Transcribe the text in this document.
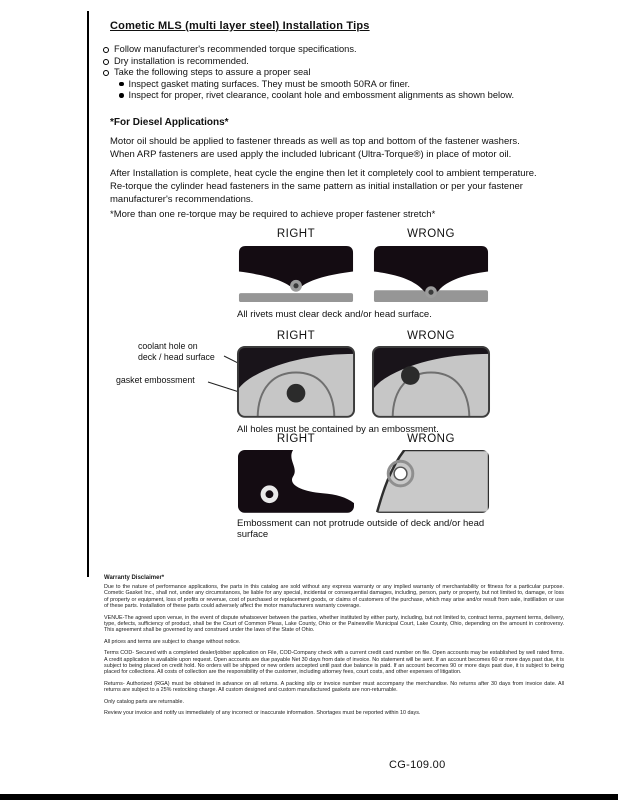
Cometic MLS (multi layer steel) Installation Tips
Follow manufacturer's recommended torque specifications.
Dry installation is recommended.
Take the following steps to assure a proper seal
Inspect gasket mating surfaces. They must be smooth 50RA or finer.
Inspect for proper, rivet clearance, coolant hole and embossment alignments as shown below.
*For Diesel Applications*
Motor oil should be applied to fastener threads as well as top and bottom of the fastener washers. When ARP fasteners are used apply the included lubricant (Ultra-Torque®) in place of motor oil.
After Installation is complete, heat cycle the engine then let it completely cool to ambient temperature. Re-torque the cylinder head fasteners in the same pattern as initial installation or per your fastener manufacturer's recommendations.
*More than one re-torque may be required to achieve proper fastener stretch*
RIGHT	WRONG
All rivets must clear deck and/or head surface.
coolant hole on
deck / head surface
gasket embossment
RIGHT	WRONG
All holes must be contained by an embossment.
RIGHT	WRONG
Embossment can not protrude outside of deck and/or head surface
Warranty Disclaimer*

Due to the nature of performance applications, the parts in this catalog are sold without any express warranty or any implied warranty of merchantability or fitness for a particular purpose. Cometic Gasket Inc., shall not, under any circumstances, be liable for any special, incidental or consequential damages, including, person, party or property, but not limited to, damage, or loss of property or equipment, loss of profits or revenue, cost of purchased or replacement goods, or claims of customers of the purchase, which may arise and/or result from sale, instillation or use of these parts. Installation of these parts could adversely affect the motor manufacturers warranty coverage.

VENUE-The agreed upon venue, in the event of dispute whatsoever between the parties, whether instituted by either party, including, but not limited to, contract terms, payment terms, delivery, type, defects, sufficiency of product, shall be the Court of Common Pleas, Lake County, Ohio or the Painesville Municipal Court, Lake County, Ohio, depending on the amount in controversy. This agreement shall be governed by and construed under the laws of the State of Ohio.

All prices and terms are subject to change without notice.

Terms COD- Secured with a completed dealer/jobber application on File, COD-Company check with a current credit card number on file. Open accounts may be established by well rated firms. A credit application is available upon request. Open accounts are due payable Net 30 days from date of invoice. No statement will be sent. If an account becomes 60 or more days past due, it is subject to being placed on credit hold. No orders will be shipped or new orders accepted until past due balance is paid. If an account becomes 90 or more days past due, it is subject to being placed for collections. All costs of collection are the responsibility of the customer, including attorney fees, court costs, and other expenses of litigation.

Returns- Authorized (RGA) must be obtained in advance on all returns. A packing slip or invoice number must accompany the merchandise. No returns after 30 days from invoice date. All returns are subject to a 25% restocking charge. All custom designed and custom manufactured gaskets are non-returnable.

Only catalog parts are returnable.

Review your invoice and notify us immediately of any incorrect or inaccurate information. Shortages must be reported within 10 days.

CG-109.00
